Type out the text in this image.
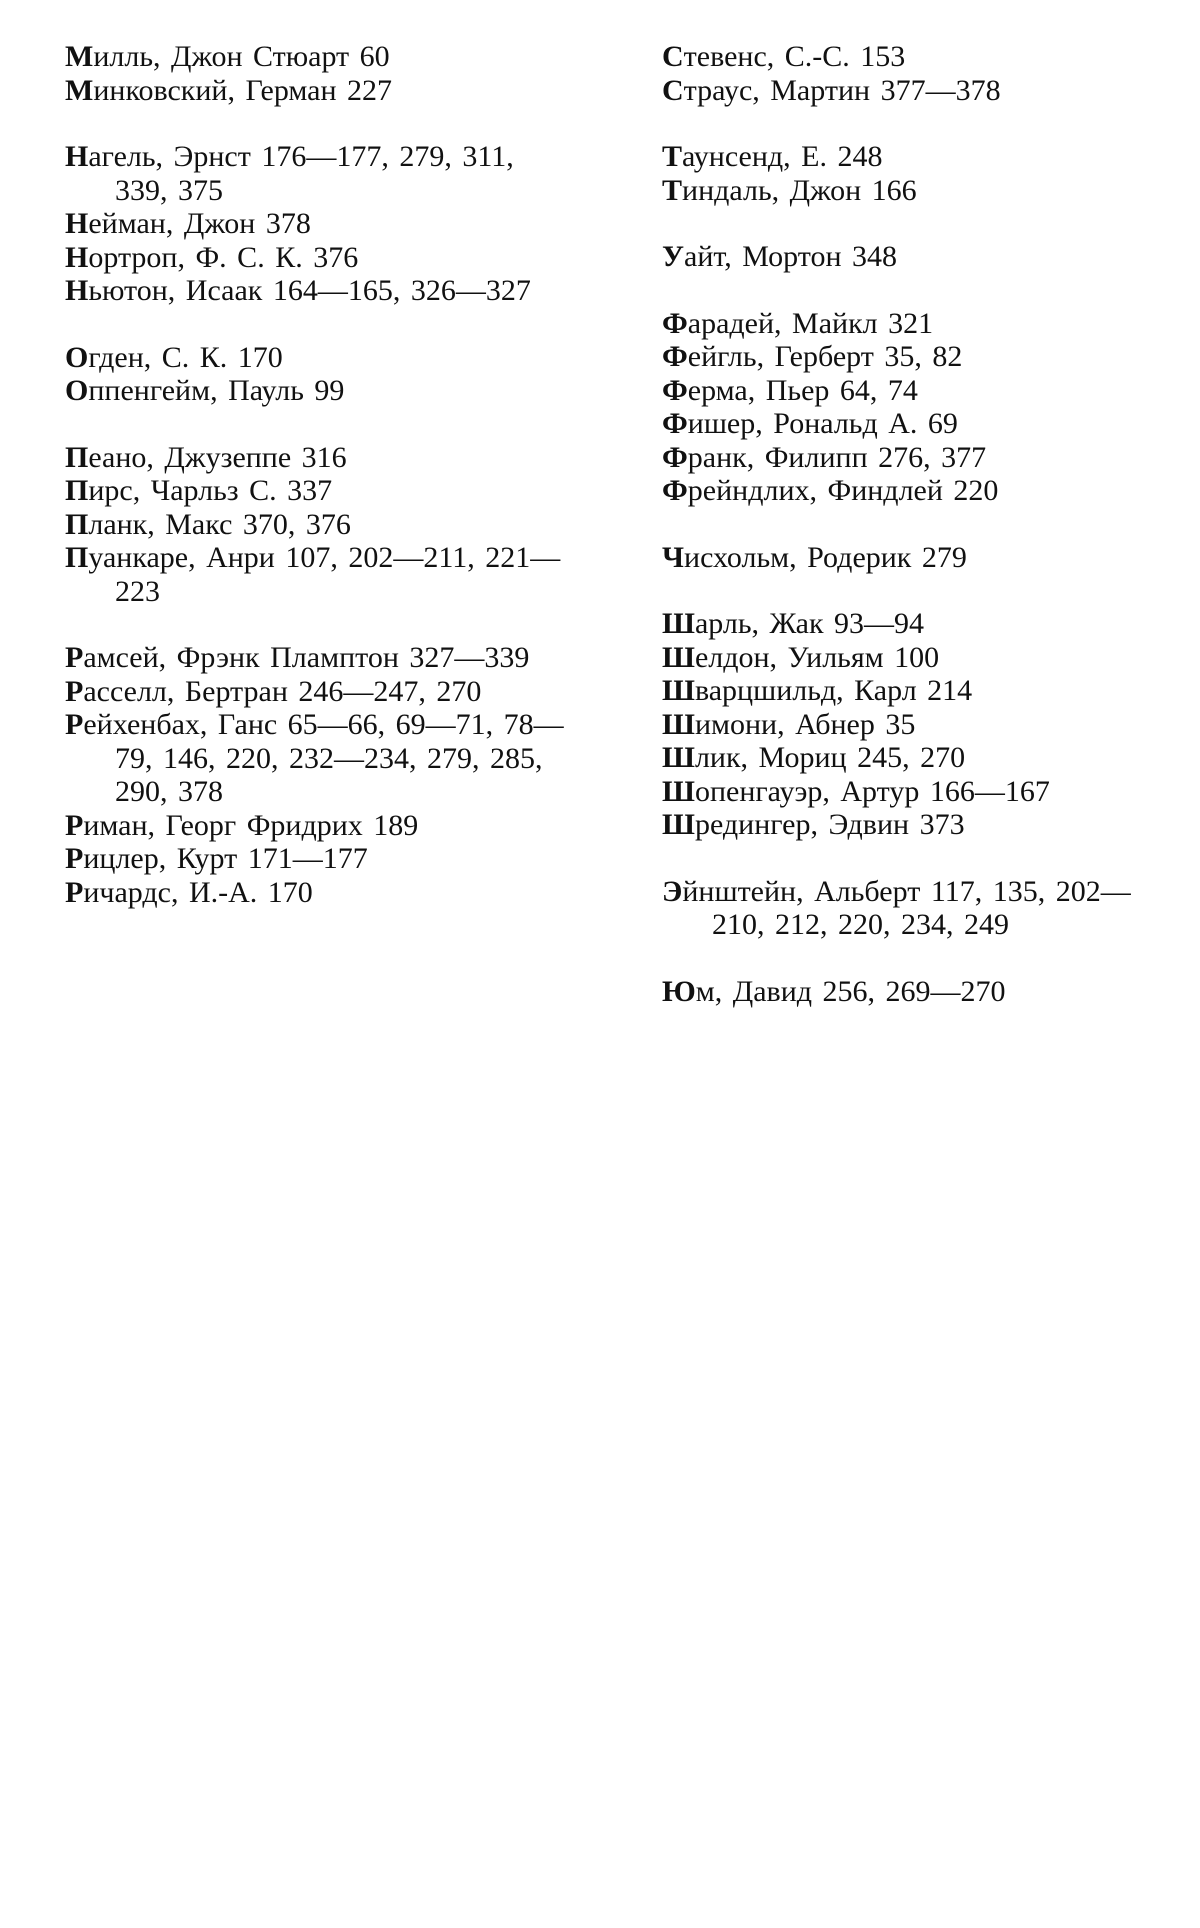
Милль, Джон Стюарт 60

Минковский, Герман 227

Нагель, Эрнст 176—177, 279, 311, 339, 375

Нейман, Джон 378

Нортроп, Ф. С. К. 376

Ньютон, Исаак 164—165, 326—327

Огден, С. К. 170

Оппенгейм, Пауль 99

Пеано, Джузеппе 316

Пирс, Чарльз С. 337

Планк, Макс 370, 376

Пуанкаре, Анри 107, 202—211, 221—223

Рамсей, Фрэнк Пламптон 327—339

Расселл, Бертран 246—247, 270

Рейхенбах, Ганс 65—66, 69—71, 78—79, 146, 220, 232—234, 279, 285, 290, 378

Риман, Георг Фридрих 189

Рицлер, Курт 171—177

Ричардс, И.-А. 170

Стевенс, С.-С. 153

Страус, Мартин 377—378

Таунсенд, Е. 248

Тиндаль, Джон 166

Уайт, Мортон 348

Фарадей, Майкл 321

Фейгль, Герберт 35, 82

Ферма, Пьер 64, 74

Фишер, Рональд А. 69

Франк, Филипп 276, 377

Фрейндлих, Финдлей 220

Чисхольм, Родерик 279

Шарль, Жак 93—94

Шелдон, Уильям 100

Шварцшильд, Карл 214

Шимони, Абнер 35

Шлик, Мориц 245, 270

Шопенгауэр, Артур 166—167

Шредингер, Эдвин 373

Эйнштейн, Альберт 117, 135, 202—210, 212, 220, 234, 249

Юм, Давид 256, 269—270
